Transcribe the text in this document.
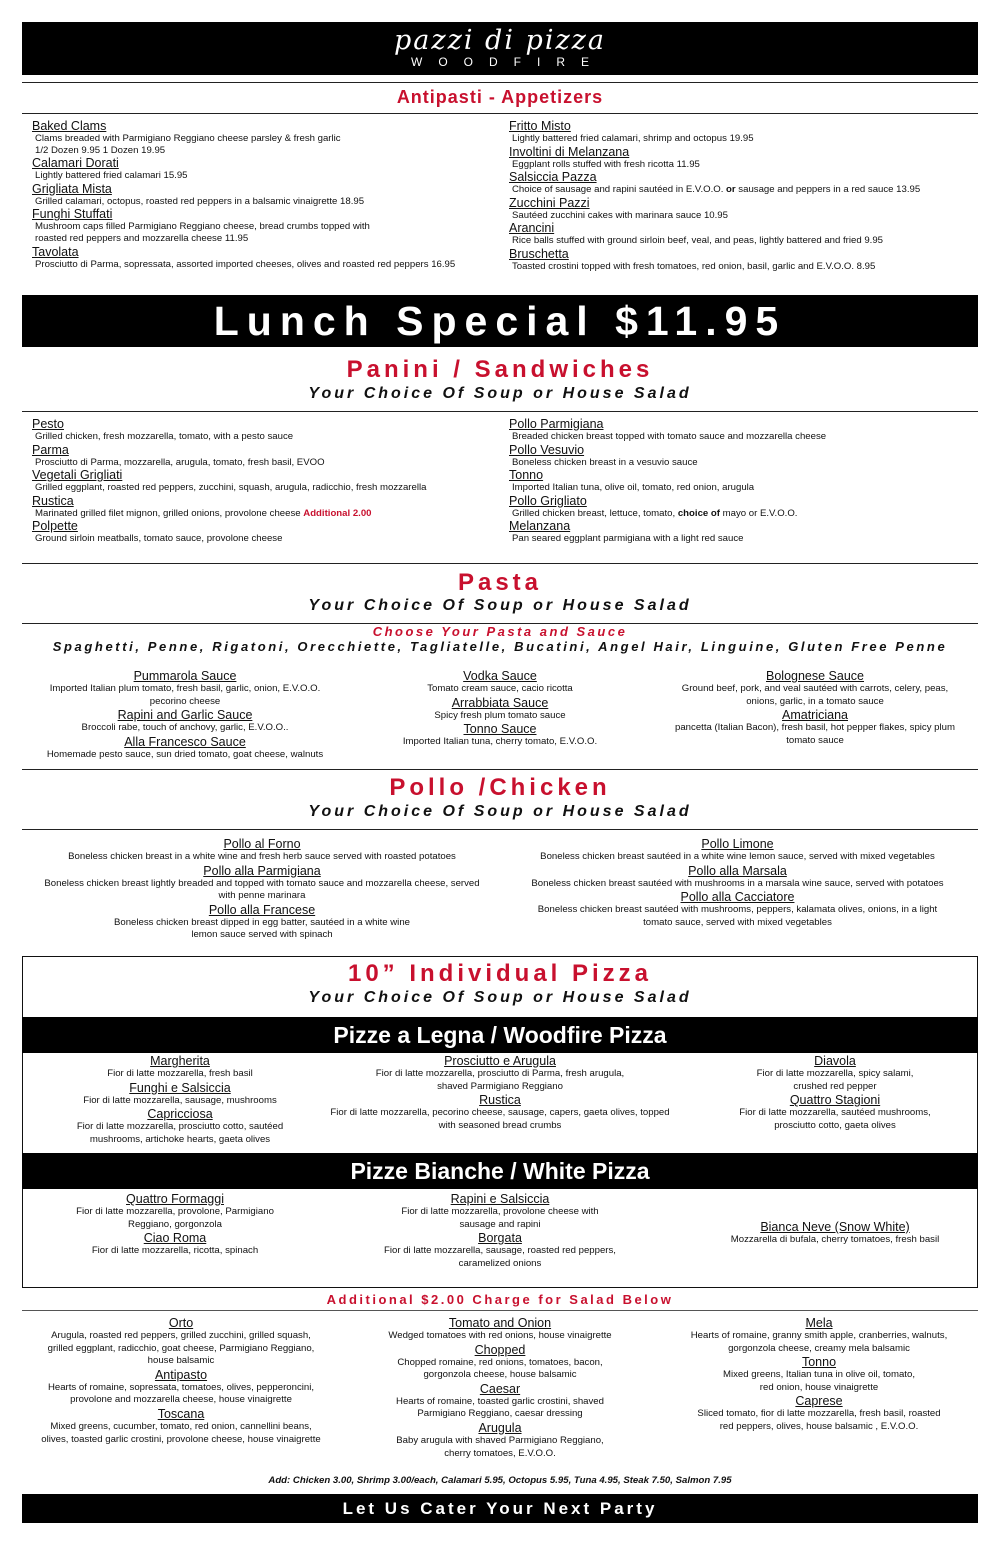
pazzi di pizza
WOODFIRE
Antipasti - Appetizers
Baked Clams
Clams breaded with Parmigiano Reggiano cheese parsley & fresh garlic
1/2 Dozen 9.95 1 Dozen 19.95
Calamari Dorati
Lightly battered fried calamari 15.95
Grigliata Mista
Grilled calamari, octopus, roasted red peppers in a balsamic vinaigrette 18.95
Funghi Stuffati
Mushroom caps filled Parmigiano Reggiano cheese, bread crumbs topped with
roasted red peppers and mozzarella cheese 11.95
Tavolata
Prosciutto di Parma, sopressata, assorted imported cheeses, olives and roasted red peppers 16.95
Fritto Misto
Lightly battered fried calamari, shrimp and octopus 19.95
Involtini di Melanzana
Eggplant rolls stuffed with fresh ricotta 11.95
Salsiccia Pazza
Choice of sausage and rapini sautéed in E.V.O.O. or sausage and peppers in a red sauce 13.95
Zucchini Pazzi
Sautéed zucchini cakes with marinara sauce 10.95
Arancini
Rice balls stuffed with ground sirloin beef, veal, and peas, lightly battered and fried 9.95
Bruschetta
Toasted crostini topped with fresh tomatoes, red onion, basil, garlic and E.V.O.O. 8.95
Lunch Special $11.95
Panini / Sandwiches
Your Choice Of Soup or House Salad
Pesto
Grilled chicken, fresh mozzarella, tomato, with a pesto sauce
Parma
Prosciutto di Parma, mozzarella, arugula, tomato, fresh basil, EVOO
Vegetali Grigliati
Grilled eggplant, roasted red peppers, zucchini, squash, arugula, radicchio, fresh mozzarella
Rustica
Marinated grilled filet mignon, grilled onions, provolone cheese Additional 2.00
Polpette
Ground sirloin meatballs, tomato sauce, provolone cheese
Pollo Parmigiana
Breaded chicken breast topped with tomato sauce and mozzarella cheese
Pollo Vesuvio
Boneless chicken breast in a vesuvio sauce
Tonno
Imported Italian tuna, olive oil, tomato, red onion, arugula
Pollo Grigliato
Grilled chicken breast, lettuce, tomato, choice of mayo or E.V.O.O.
Melanzana
Pan seared eggplant parmigiana with a light red sauce
Pasta
Your Choice Of Soup or House Salad
Choose Your Pasta and Sauce
Spaghetti, Penne, Rigatoni, Orecchiette, Tagliatelle, Bucatini, Angel Hair, Linguine, Gluten Free Penne
Pummarola Sauce
Imported Italian plum tomato, fresh basil, garlic, onion, E.V.O.O.
pecorino cheese
Rapini and Garlic Sauce
Broccoli rabe, touch of anchovy, garlic, E.V.O.O..
Alla Francesco Sauce
Homemade pesto sauce, sun dried tomato, goat cheese, walnuts
Vodka Sauce
Tomato cream sauce, cacio ricotta
Arrabbiata Sauce
Spicy fresh plum tomato sauce
Tonno Sauce
Imported Italian tuna, cherry tomato, E.V.O.O.
Bolognese Sauce
Ground beef, pork, and veal sautéed with carrots, celery, peas,
onions, garlic, in a tomato sauce
Amatriciana
pancetta (Italian Bacon), fresh basil, hot pepper flakes, spicy plum
tomato sauce
Pollo /Chicken
Your Choice Of Soup or House Salad
Pollo al Forno
Boneless chicken breast in a white wine and fresh herb sauce served with roasted potatoes
Pollo alla Parmigiana
Boneless chicken breast lightly breaded and topped with tomato sauce and mozzarella cheese, served
with penne marinara
Pollo alla Francese
Boneless chicken breast dipped in egg batter, sautéed in a white wine
lemon sauce served with spinach
Pollo Limone
Boneless chicken breast sautéed in a white wine lemon sauce, served with mixed vegetables
Pollo alla Marsala
Boneless chicken breast sautéed with mushrooms in a marsala wine sauce, served with potatoes
Pollo alla Cacciatore
Boneless chicken breast sautéed with mushrooms, peppers, kalamata olives, onions, in a light
tomato sauce, served with mixed vegetables
10” Individual Pizza
Your Choice Of Soup or House Salad
Pizze a Legna / Woodfire Pizza
Margherita
Fior di latte mozzarella, fresh basil
Funghi e Salsiccia
Fior di latte mozzarella, sausage, mushrooms
Capricciosa
Fior di latte mozzarella, prosciutto cotto, sautéed
mushrooms, artichoke hearts, gaeta olives
Prosciutto e Arugula
Fior di latte mozzarella, prosciutto di Parma, fresh arugula,
shaved Parmigiano Reggiano
Rustica
Fior di latte mozzarella, pecorino cheese, sausage, capers, gaeta olives, topped
with seasoned bread crumbs
Diavola
Fior di latte mozzarella, spicy salami,
crushed red pepper
Quattro Stagioni
Fior di latte mozzarella, sautéed mushrooms,
prosciutto cotto, gaeta olives
Pizze Bianche / White Pizza
Quattro Formaggi
Fior di latte mozzarella, provolone, Parmigiano
Reggiano, gorgonzola
Ciao Roma
Fior di latte mozzarella, ricotta, spinach
Rapini e Salsiccia
Fior di latte mozzarella, provolone cheese with
sausage and rapini
Borgata
Fior di latte mozzarella, sausage, roasted red peppers,
caramelized onions
Bianca Neve (Snow White)
Mozzarella di bufala, cherry tomatoes, fresh basil
Additional $2.00 Charge for Salad Below
Orto
Arugula, roasted red peppers, grilled zucchini, grilled squash,
grilled eggplant, radicchio, goat cheese, Parmigiano Reggiano,
house balsamic
Antipasto
Hearts of romaine, sopressata, tomatoes, olives, pepperoncini,
provolone and mozzarella cheese, house vinaigrette
Toscana
Mixed greens, cucumber, tomato, red onion, cannellini beans,
olives, toasted garlic crostini, provolone cheese, house vinaigrette
Tomato and Onion
Wedged tomatoes with red onions, house vinaigrette
Chopped
Chopped romaine, red onions, tomatoes, bacon,
gorgonzola cheese, house balsamic
Caesar
Hearts of romaine, toasted garlic crostini, shaved
Parmigiano Reggiano, caesar dressing
Arugula
Baby arugula with shaved Parmigiano Reggiano,
cherry tomatoes, E.V.O.O.
Mela
Hearts of romaine, granny smith apple, cranberries, walnuts,
gorgonzola cheese, creamy mela balsamic
Tonno
Mixed greens, Italian tuna in olive oil, tomato,
red onion, house vinaigrette
Caprese
Sliced tomato, fior di latte mozzarella, fresh basil, roasted
red peppers, olives, house balsamic , E.V.O.O.
Add: Chicken 3.00, Shrimp 3.00/each, Calamari 5.95, Octopus 5.95, Tuna 4.95, Steak 7.50, Salmon 7.95
Let Us Cater Your Next Party
